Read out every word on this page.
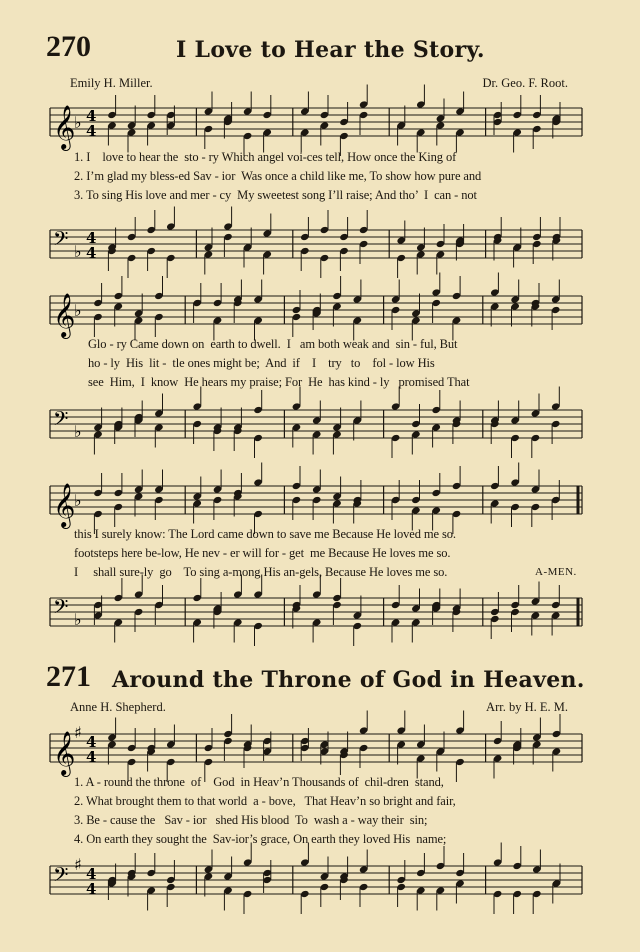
270	I Love to Hear the Story.
Emily H. Miller.	Dr. Geo. F. Root.
𝄞
♭ 4
4
1. I    love to hear the  sto - ry Which angel voi-ces tell, How once the King of
2. I’m glad my bless-ed Sav - ior  Was once a child like me, To show how pure and
3. To sing His love and mer - cy  My sweetest song I’ll raise; And tho’  I  can - not
𝄢 ♭
4
4
𝄞
♭
Glo - ry Came down on  earth to dwell.  I   am both weak and  sin - ful, But
ho - ly  His  lit -  tle ones might be;  And  if    I    try   to    fol - low His
see  Him,  I  know  He hears my praise; For  He  has kind - ly   promised That
𝄢 ♭
𝄞
♭
this I surely know: The Lord came down to save me Because He loved me so.
footsteps here be-low, He nev - er will for - get  me Because He loves me so.
I     shall sure-ly  go    To sing a-mong His an-gels, Because He loves me so.	A-MEN.
𝄢 ♭
271 Around the Throne of God in Heaven.
Anne H. Shepherd.	Arr. by H. E. M.
𝄞
♯ 4
4
1. A - round the throne  of    God  in Heav’n Thousands of  chil-dren  stand,
2. What brought them to that world  a - bove,   That Heav’n so bright and fair,
3. Be - cause the   Sav - ior   shed His blood  To  wash a - way their  sin;
4. On earth they sought the  Sav-ior’s grace, On earth they loved His  name;
𝄢 ♯ 4
4
